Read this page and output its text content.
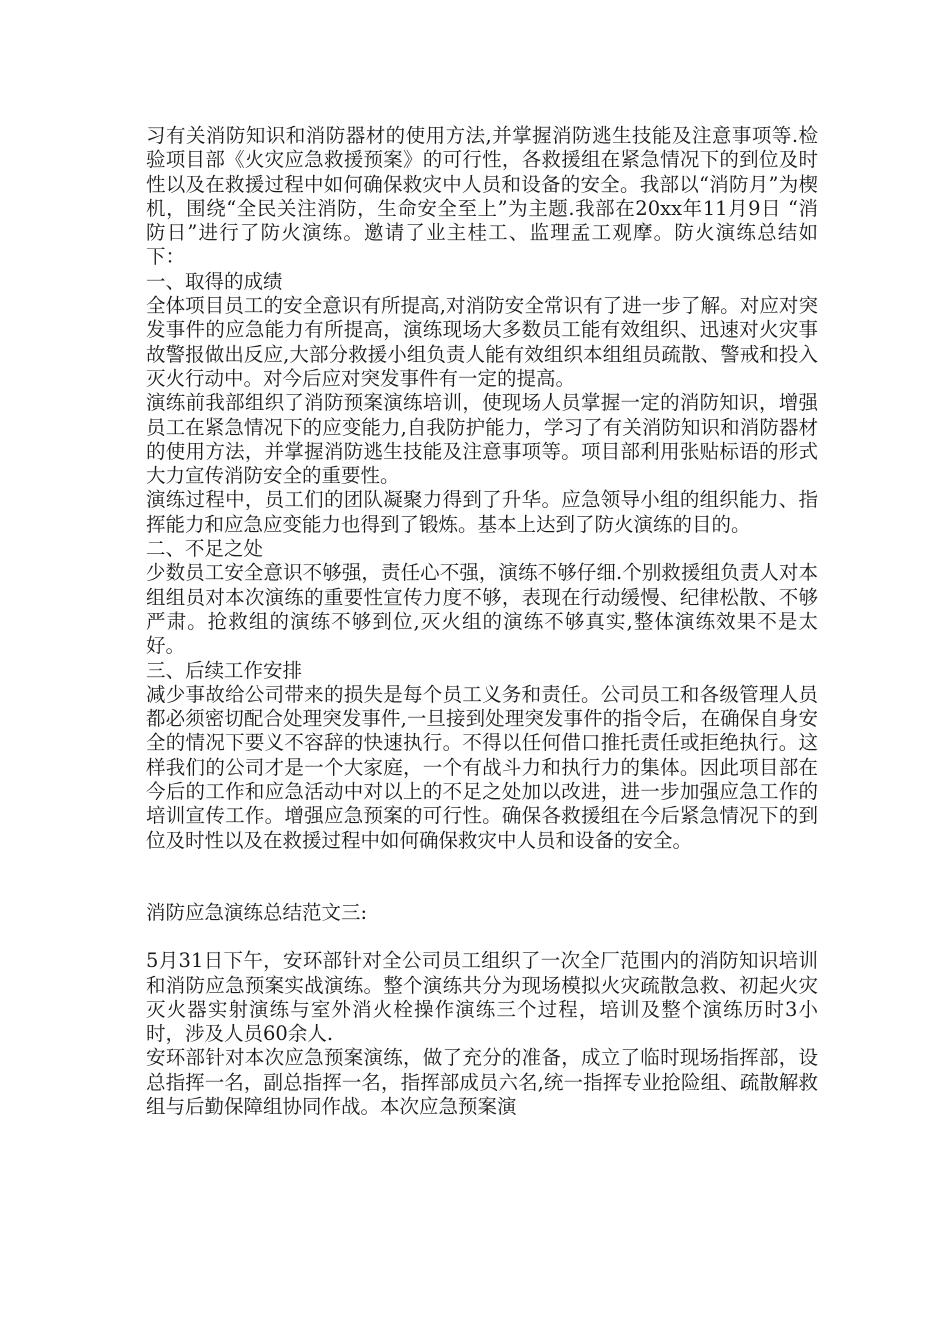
习有关消防知识和消防器材的使用方法,并掌握消防逃生技能及注意事项等.检验项目部《火灾应急救援预案》的可行性，各救援组在紧急情况下的到位及时性以及在救援过程中如何确保救灾中人员和设备的安全。我部以“消防月”为楔机，围绕“全民关注消防，生命安全至上”为主题.我部在20xx年11月9日 “消防日”进行了防火演练。邀请了业主桂工、监理孟工观摩。防火演练总结如下：

一、取得的成绩

全体项目员工的安全意识有所提高,对消防安全常识有了进一步了解。对应对突发事件的应急能力有所提高，演练现场大多数员工能有效组织、迅速对火灾事故警报做出反应,大部分救援小组负责人能有效组织本组组员疏散、警戒和投入灭火行动中。对今后应对突发事件有一定的提高。

演练前我部组织了消防预案演练培训，使现场人员掌握一定的消防知识，增强员工在紧急情况下的应变能力,自我防护能力，学习了有关消防知识和消防器材的使用方法，并掌握消防逃生技能及注意事项等。项目部利用张贴标语的形式大力宣传消防安全的重要性。

演练过程中，员工们的团队凝聚力得到了升华。应急领导小组的组织能力、指挥能力和应急应变能力也得到了锻炼。基本上达到了防火演练的目的。

二、不足之处

少数员工安全意识不够强，责任心不强，演练不够仔细.个别救援组负责人对本组组员对本次演练的重要性宣传力度不够，表现在行动缓慢、纪律松散、不够严肃。抢救组的演练不够到位,灭火组的演练不够真实,整体演练效果不是太好。

三、后续工作安排

减少事故给公司带来的损失是每个员工义务和责任。公司员工和各级管理人员都必须密切配合处理突发事件,一旦接到处理突发事件的指令后，在确保自身安全的情况下要义不容辞的快速执行。不得以任何借口推托责任或拒绝执行。这样我们的公司才是一个大家庭，一个有战斗力和执行力的集体。因此项目部在今后的工作和应急活动中对以上的不足之处加以改进，进一步加强应急工作的培训宣传工作。增强应急预案的可行性。确保各救援组在今后紧急情况下的到位及时性以及在救援过程中如何确保救灾中人员和设备的安全。

消防应急演练总结范文三:

5月31日下午，安环部针对全公司员工组织了一次全厂范围内的消防知识培训和消防应急预案实战演练。整个演练共分为现场模拟火灾疏散急救、初起火灾灭火器实射演练与室外消火栓操作演练三个过程，培训及整个演练历时3小时，涉及人员60余人.

安环部针对本次应急预案演练，做了充分的准备，成立了临时现场指挥部，设总指挥一名，副总指挥一名，指挥部成员六名,统一指挥专业抢险组、疏散解救组与后勤保障组协同作战。本次应急预案演
